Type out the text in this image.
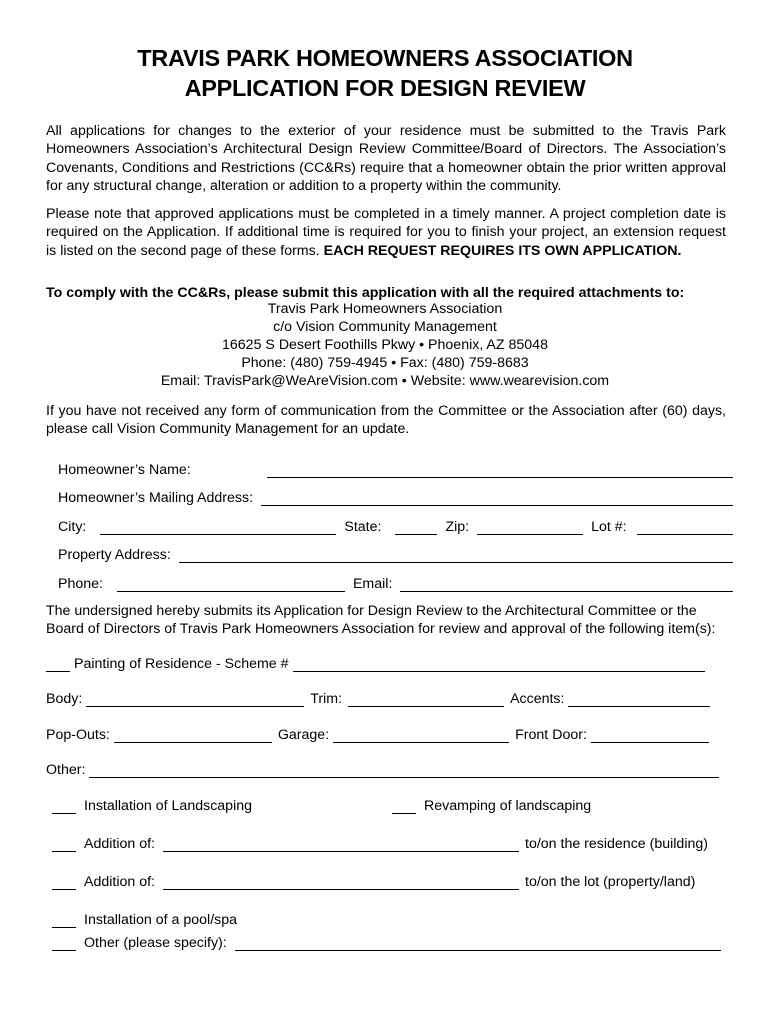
TRAVIS PARK HOMEOWNERS ASSOCIATION
APPLICATION FOR DESIGN REVIEW

All applications for changes to the exterior of your residence must be submitted to the Travis Park Homeowners Association’s Architectural Design Review Committee/Board of Directors. The Association’s Covenants, Conditions and Restrictions (CC&Rs) require that a homeowner obtain the prior written approval for any structural change, alteration or addition to a property within the community.

Please note that approved applications must be completed in a timely manner. A project completion date is required on the Application. If additional time is required for you to finish your project, an extension request is listed on the second page of these forms. EACH REQUEST REQUIRES ITS OWN APPLICATION.

To comply with the CC&Rs, please submit this application with all the required attachments to:

Travis Park Homeowners Association
c/o Vision Community Management
16625 S Desert Foothills Pkwy • Phoenix, AZ 85048
Phone: (480) 759-4945 • Fax: (480) 759-8683
Email: TravisPark@WeAreVision.com • Website: www.wearevision.com

If you have not received any form of communication from the Committee or the Association after (60) days, please call Vision Community Management for an update.

Homeowner’s Name:
Homeowner’s Mailing Address:
City:	State:	Zip:	Lot #:
Property Address:
Phone:	Email:

The undersigned hereby submits its Application for Design Review to the Architectural Committee or the Board of Directors of Travis Park Homeowners Association for review and approval of the following item(s):

Painting of Residence - Scheme #
Body:	Trim:	Accents:
Pop-Outs:	Garage:	Front Door:
Other:
Installation of Landscaping	Revamping of landscaping
Addition of:	to/on the residence (building)
Addition of:	to/on the lot (property/land)
Installation of a pool/spa
Other (please specify):
